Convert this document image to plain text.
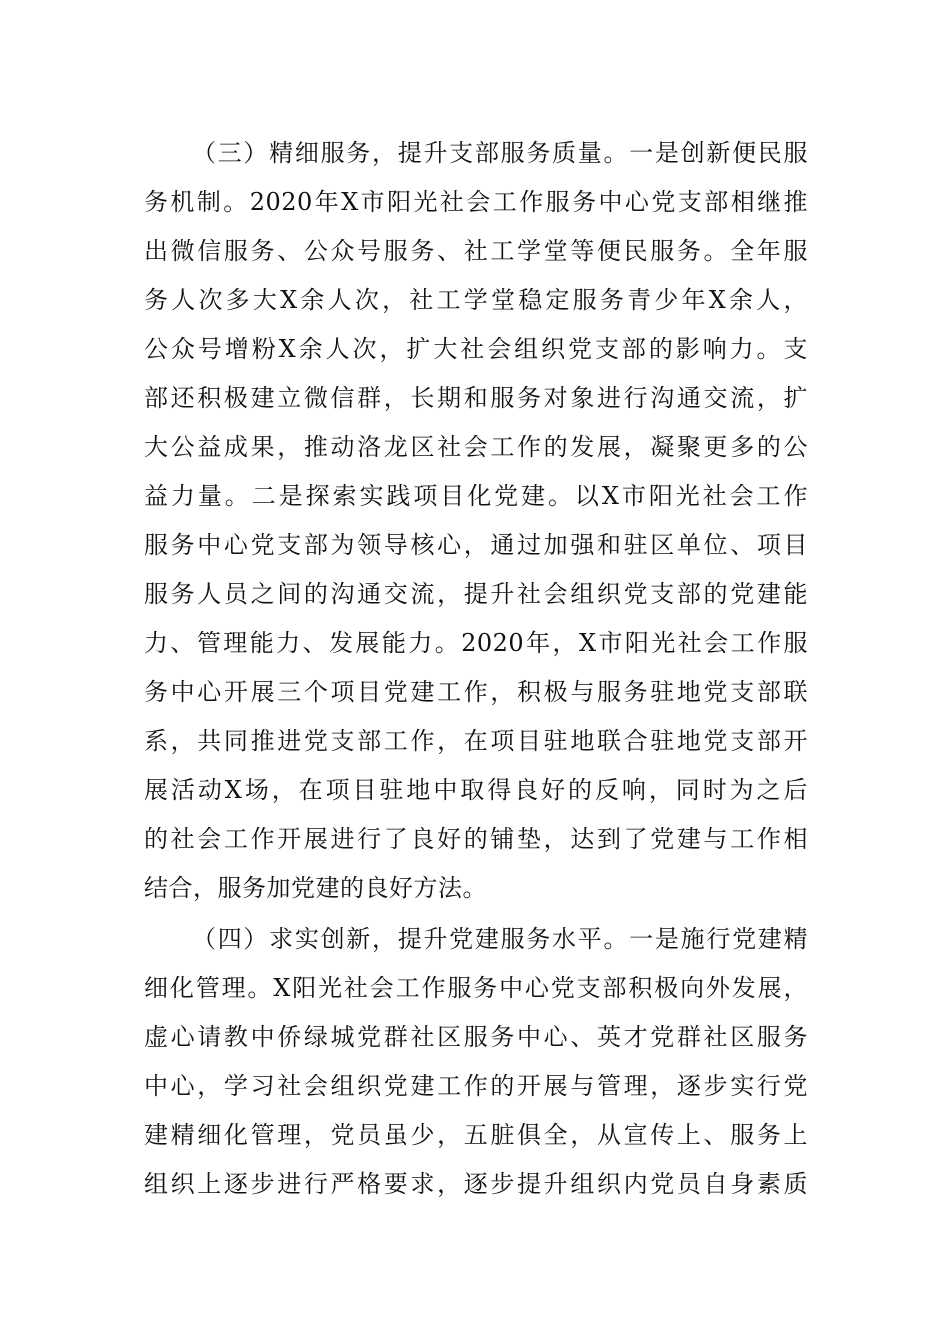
（三）精细服务，提升支部服务质量。一是创新便民服
务机制。2020年X市阳光社会工作服务中心党支部相继推
出微信服务、公众号服务、社工学堂等便民服务。全年服
务人次多大X余人次，社工学堂稳定服务青少年X余人，
公众号增粉X余人次，扩大社会组织党支部的影响力。支
部还积极建立微信群，长期和服务对象进行沟通交流，扩
大公益成果，推动洛龙区社会工作的发展，凝聚更多的公
益力量。二是探索实践项目化党建。以X市阳光社会工作
服务中心党支部为领导核心，通过加强和驻区单位、项目
服务人员之间的沟通交流，提升社会组织党支部的党建能
力、管理能力、发展能力。2020年，X市阳光社会工作服
务中心开展三个项目党建工作，积极与服务驻地党支部联
系，共同推进党支部工作，在项目驻地联合驻地党支部开
展活动X场，在项目驻地中取得良好的反响，同时为之后
的社会工作开展进行了良好的铺垫，达到了党建与工作相
结合，服务加党建的良好方法。
（四）求实创新，提升党建服务水平。一是施行党建精
细化管理。X阳光社会工作服务中心党支部积极向外发展，
虚心请教中侨绿城党群社区服务中心、英才党群社区服务
中心，学习社会组织党建工作的开展与管理，逐步实行党
建精细化管理，党员虽少，五脏俱全，从宣传上、服务上
组织上逐步进行严格要求，逐步提升组织内党员自身素质
